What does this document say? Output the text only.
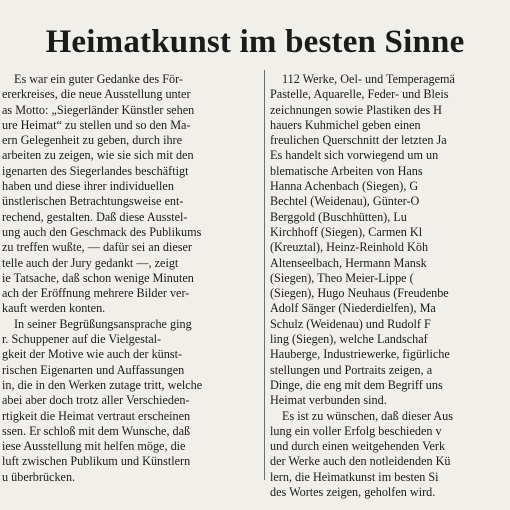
Heimatkunst im besten Sinne
Es war ein guter Gedanke des För-
ererkreises, die neue Ausstellung unter
as Motto: „Siegerländer Künstler sehen
ure Heimat“ zu stellen und so den Ma-
ern Gelegenheit zu geben, durch ihre
arbeiten zu zeigen, wie sie sich mit den
igenarten des Siegerlandes beschäftigt
haben und diese ihrer individuellen
ünstlerischen Betrachtungsweise ent-
rechend, gestalten. Daß diese Ausstel-
ung auch den Geschmack des Publikums
zu treffen wußte, — dafür sei an dieser
telle auch der Jury gedankt —, zeigt
ie Tatsache, daß schon wenige Minuten
ach der Eröffnung mehrere Bilder ver-
kauft werden konten.
In seiner Begrüßungsansprache ging
r. Schuppener auf die Vielgestal-
gkeit der Motive wie auch der künst-
rischen Eigenarten und Auffassungen
in, die in den Werken zutage tritt, welche
abei aber doch trotz aller Verschieden-
rtigkeit die Heimat vertraut erscheinen
ssen. Er schloß mit dem Wunsche, daß
iese Ausstellung mit helfen möge, die
luft zwischen Publikum und Künstlern
u überbrücken.
112 Werke, Oel- und Temperagemä
Pastelle, Aquarelle, Feder- und Bleis
zeichnungen sowie Plastiken des H
hauers Kuhmichel geben einen
freulichen Querschnitt der letzten Ja
Es handelt sich vorwiegend um un
blematische Arbeiten von Hans
Hanna Achenbach (Siegen), G
Bechtel (Weidenau), Günter-O
Berggold (Buschhütten), Lu
Kirchhoff (Siegen), Carmen Kl
(Kreuztal), Heinz-Reinhold Köh
Altenseelbach, Hermann Mansk
(Siegen), Theo Meier-Lippe (
(Siegen), Hugo Neuhaus (Freudenbe
Adolf Sänger (Niederdielfen), Ma
Schulz (Weidenau) und Rudolf F
ling (Siegen), welche Landschaf
Hauberge, Industriewerke, figürliche
stellungen und Portraits zeigen, a
Dinge, die eng mit dem Begriff uns
Heimat verbunden sind.
Es ist zu wünschen, daß dieser Aus
lung ein voller Erfolg beschieden v
und durch einen weitgehenden Verk
der Werke auch den notleidenden Kü
lern, die Heimatkunst im besten Si
des Wortes zeigen, geholfen wird.
